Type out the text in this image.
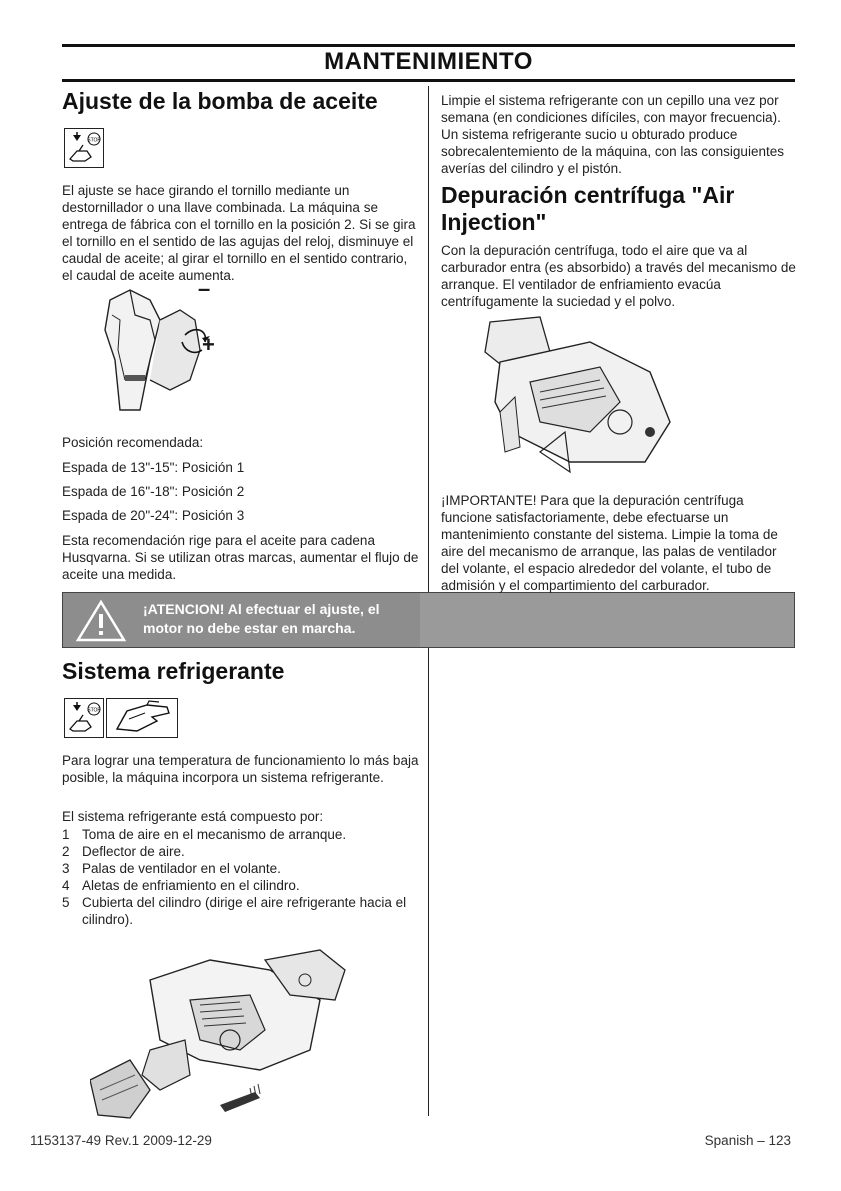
MANTENIMIENTO
Ajuste de la bomba de aceite
STOP

El ajuste se hace girando el tornillo mediante un destornillador o una llave combinada. La máquina se entrega de fábrica con el tornillo en la posición 2. Si se gira el tornillo en el sentido de las agujas del reloj, disminuye el caudal de aceite; al girar el tornillo en el sentido contrario, el caudal de aceite aumenta.

–
+

Posición recomendada:

Espada de 13"-15": Posición 1

Espada de 16"-18": Posición 2

Espada de 20"-24": Posición 3

Esta recomendación rige para el aceite para cadena Husqvarna. Si se utilizan otras marcas, aumentar el flujo de aceite una medida.

¡ATENCION! Al efectuar el ajuste, el motor no debe estar en marcha.
Sistema refrigerante
STOP

Para lograr una temperatura de funcionamiento lo más baja posible, la máquina incorpora un sistema refrigerante.

El sistema refrigerante está compuesto por:

1 Toma de aire en el mecanismo de arranque.
2 Deflector de aire.
3 Palas de ventilador en el volante.
4 Aletas de enfriamiento en el cilindro.
5 Cubierta del cilindro (dirige el aire refrigerante hacia el cilindro).

Limpie el sistema refrigerante con un cepillo una vez por semana (en condiciones difíciles, con mayor frecuencia). Un sistema refrigerante sucio u obturado produce sobrecalentemiento de la máquina, con las consiguientes averías del cilindro y el pistón.

Depuración centrífuga "Air Injection"

Con la depuración centrífuga, todo el aire que va al carburador entra (es absorbido) a través del mecanismo de arranque. El ventilador de enfriamiento evacúa centrífugamente la suciedad y el polvo.

¡IMPORTANTE! Para que la depuración centrífuga funcione satisfactoriamente, debe efectuarse un mantenimiento constante del sistema. Limpie la toma de aire del mecanismo de arranque, las palas de ventilador del volante, el espacio alrededor del volante, el tubo de admisión y el compartimiento del carburador.

1153137-49 Rev.1 2009-12-29	Spanish – 123
